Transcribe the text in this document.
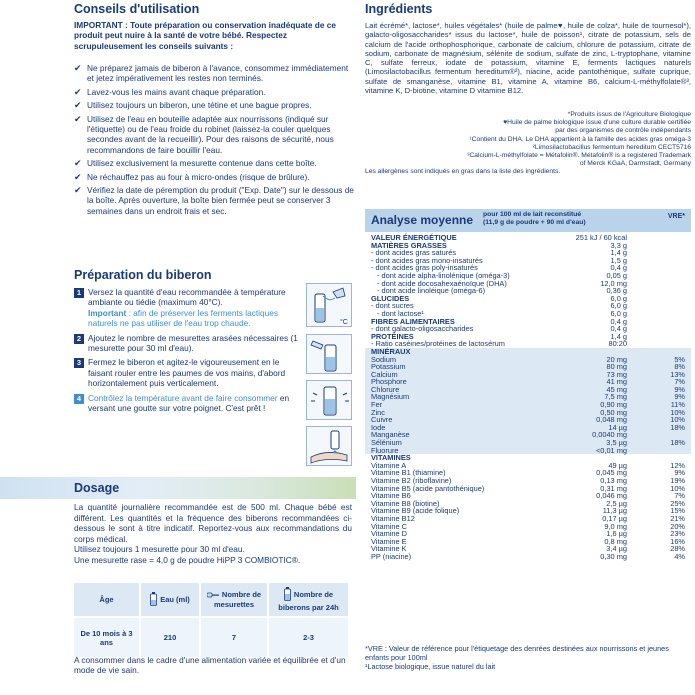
Conseils d'utilisation
IMPORTANT : Toute préparation ou conservation inadéquate de ce produit peut nuire à la santé de votre bébé. Respectez scrupuleusement les conseils suivants :
✔ Ne préparez jamais de biberon à l'avance, consommez immédiatement et jetez impérativement les restes non terminés.
✔ Lavez-vous les mains avant chaque préparation.
✔ Utilisez toujours un biberon, une tétine et une bague propres.
✔ Utilisez de l'eau en bouteille adaptée aux nourrissons (indiqué sur l'étiquette) ou de l'eau froide du robinet (laissez-la couler quelques secondes avant de la recueillir). Pour des raisons de sécurité, nous recommandons de faire bouillir l'eau.
✔ Utilisez exclusivement la mesurette contenue dans cette boîte.
✔ Ne réchauffez pas au four à micro-ondes (risque de brûlure).
✔ Vérifiez la date de péremption du produit ("Exp. Date") sur le dessous de la boîte. Après ouverture, la boîte bien fermée peut se conserver 3 semaines dans un endroit frais et sec.
Préparation du biberon
1 Versez la quantité d'eau recommandée à température ambiante ou tiédie (maximum 40°C).
Important : afin de préserver les ferments lactiques naturels ne pas utiliser de l'eau trop chaude.
2 Ajoutez le nombre de mesurettes arasées nécessaires (1 mesurette pour 30 ml d'eau).
3 Fermez le biberon et agitez-le vigoureusement en le faisant rouler entre les paumes de vos mains, d'abord horizontalement puis verticalement.
4 Contrôlez la température avant de faire consommer en versant une goutte sur votre poignet. C'est prêt !
°C
Dosage
La quantité journalière recommandée est de 500 ml. Chaque bébé est différent. Les quantités et la fréquence des biberons recommandées ci-dessous le sont à titre indicatif. Reportez-vous aux recommandations du corps médical.
Utilisez toujours 1 mesurette pour 30 ml d'eau.
Une mesurette rase = 4,0 g de poudre HiPP 3 COMBIOTIC®.
Âge	Eau (ml)	Nombre de mesurettes	Nombre de biberons par 24h
De 10 mois à 3 ans	210	7	2-3
A consommer dans le cadre d'une alimentation variée et équilibrée et d'un mode de vie sain.
Ingrédients
Lait écrémé*, lactose*, huiles végétales* (huile de palme♥, huile de colza*, huile de tournesol*), galacto-oligosaccharides* issus du lactose*, huile de poisson¹, citrate de potassium, sels de calcium de l'acide orthophosphorique, carbonate de calcium, chlorure de potassium, citrate de sodium, carbonate de magnésium, sélénite de sodium, sulfate de zinc, L-tryptophane, vitamine C, sulfate ferreux, iodate de potassium, vitamine E, ferments lactiques naturels (Limosilactobacillus fermentum hereditum®²), niacine, acide pantothénique, sulfate cuprique, sulfate de smanganèse, vitamine B1, vitamine A, vitamine B6, calcium-L-méthylfolate®³, vitamine K, D-biotine, vitamine D vitamine B12.
*Produits issus de l'Agriculture Biologique
♥Huile de palme biologique issue d'une culture durable certifiée
par des organismes de contrôle indépendants
¹Contient du DHA. Le DHA appartient à la famille des acides gras oméga-3
²Limosilactobacillus fermentum hereditum CECT5716
³Calcium-L-méthylfolate = Métafolin®. Métafolin® is a registered Trademark
of Merck KGaA, Darmstadt, Germany
Les allergènes sont indiqués en gras dans la liste des ingrédients.
Analyse moyenne pour 100 ml de lait reconstitué
(11,9 g de poudre + 90 ml d'eau)
VRE*
VALEUR ÉNERGÉTIQUE	251 kJ / 60 kcal
MATIÈRES GRASSES	3,3 g
- dont acides gras saturés	1,4 g
- dont acides gras mono-insaturés	1,5 g
- dont acides gras poly-insaturés	0,4 g
- dont acide alpha-linolénique (oméga-3)	0,05 g
- dont acide docosahexaénoïque (DHA)	12,0 mg
- dont acide linoléique (oméga-6)	0,36 g
GLUCIDES	6,0 g
- dont sucres	6,0 g
- dont lactose¹	6,0 g
FIBRES ALIMENTAIRES	0,4 g
- dont galacto-oligosaccharides	0,4 g
PROTÉINES	1,4 g
- Ratio caséines/protéines de lactosérum	80:20
MINÉRAUX
Sodium	20 mg	5%
Potassium	80 mg	8%
Calcium	73 mg	13%
Phosphore	41 mg	7%
Chlorure	45 mg	9%
Magnésium	7,5 mg	9%
Fer	0,90 mg	11%
Zinc	0,50 mg	10%
Cuivre	0,048 mg	10%
Iode	14 µg	18%
Manganèse	0,0040 mg
Sélénium	3,5 µg	18%
Fluorure	<0,01 mg
VITAMINES
Vitamine A	49 µg	12%
Vitamine B1 (thiamine)	0,045 mg	9%
Vitamine B2 (riboflavine)	0,13 mg	19%
Vitamine B5 (acide pantothénique)	0,31 mg	10%
Vitamine B6	0,046 mg	7%
Vitamine B8 (biotine)	2,5 µg	25%
Vitamine B9 (acide folique)	11,3 µg	15%
Vitamine B12	0,17 µg	21%
Vitamine C	9,0 mg	20%
Vitamine D	1,6 µg	23%
Vitamine E	0,8 mg	16%
Vitamine K	3,4 µg	28%
PP (niacine)	0,30 mg	4%
*VRE : Valeur de référence pour l'étiquetage des denrées destinées aux nourrissons et jeunes enfants pour 100ml
¹Lactose biologique, issue naturel du lait
